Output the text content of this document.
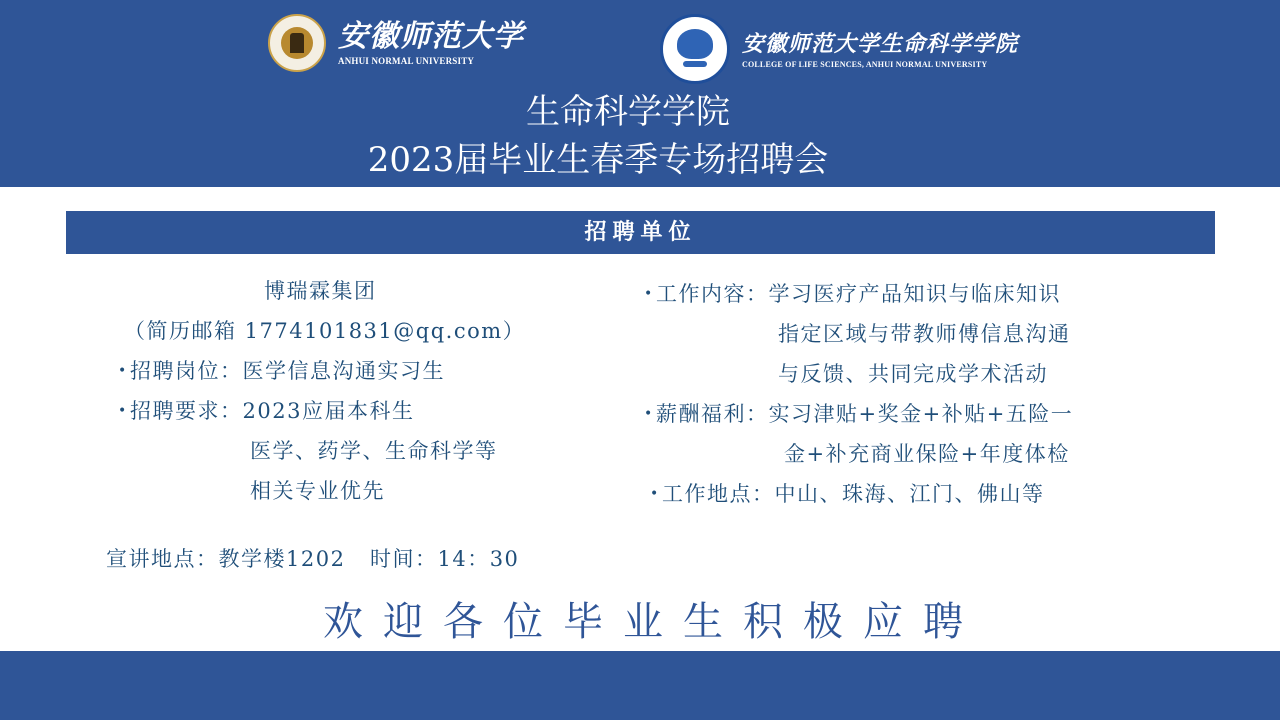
安徽师范大学
ANHUI NORMAL UNIVERSITY
安徽师范大学生命科学学院
COLLEGE OF LIFE SCIENCES, ANHUI NORMAL UNIVERSITY
生命科学学院
2023届毕业生春季专场招聘会
招聘单位
博瑞霖集团
（简历邮箱 1774101831@qq.com）
• 招聘岗位：医学信息沟通实习生
• 招聘要求：2023应届本科生
医学、药学、生命科学等
相关专业优先
• 工作内容：学习医疗产品知识与临床知识
指定区域与带教师傅信息沟通
与反馈、共同完成学术活动
• 薪酬福利：实习津贴+奖金+补贴+五险一
金+补充商业保险+年度体检
• 工作地点：中山、珠海、江门、佛山等
宣讲地点：教学楼1202   时间：14：30
欢迎各位毕业生积极应聘
